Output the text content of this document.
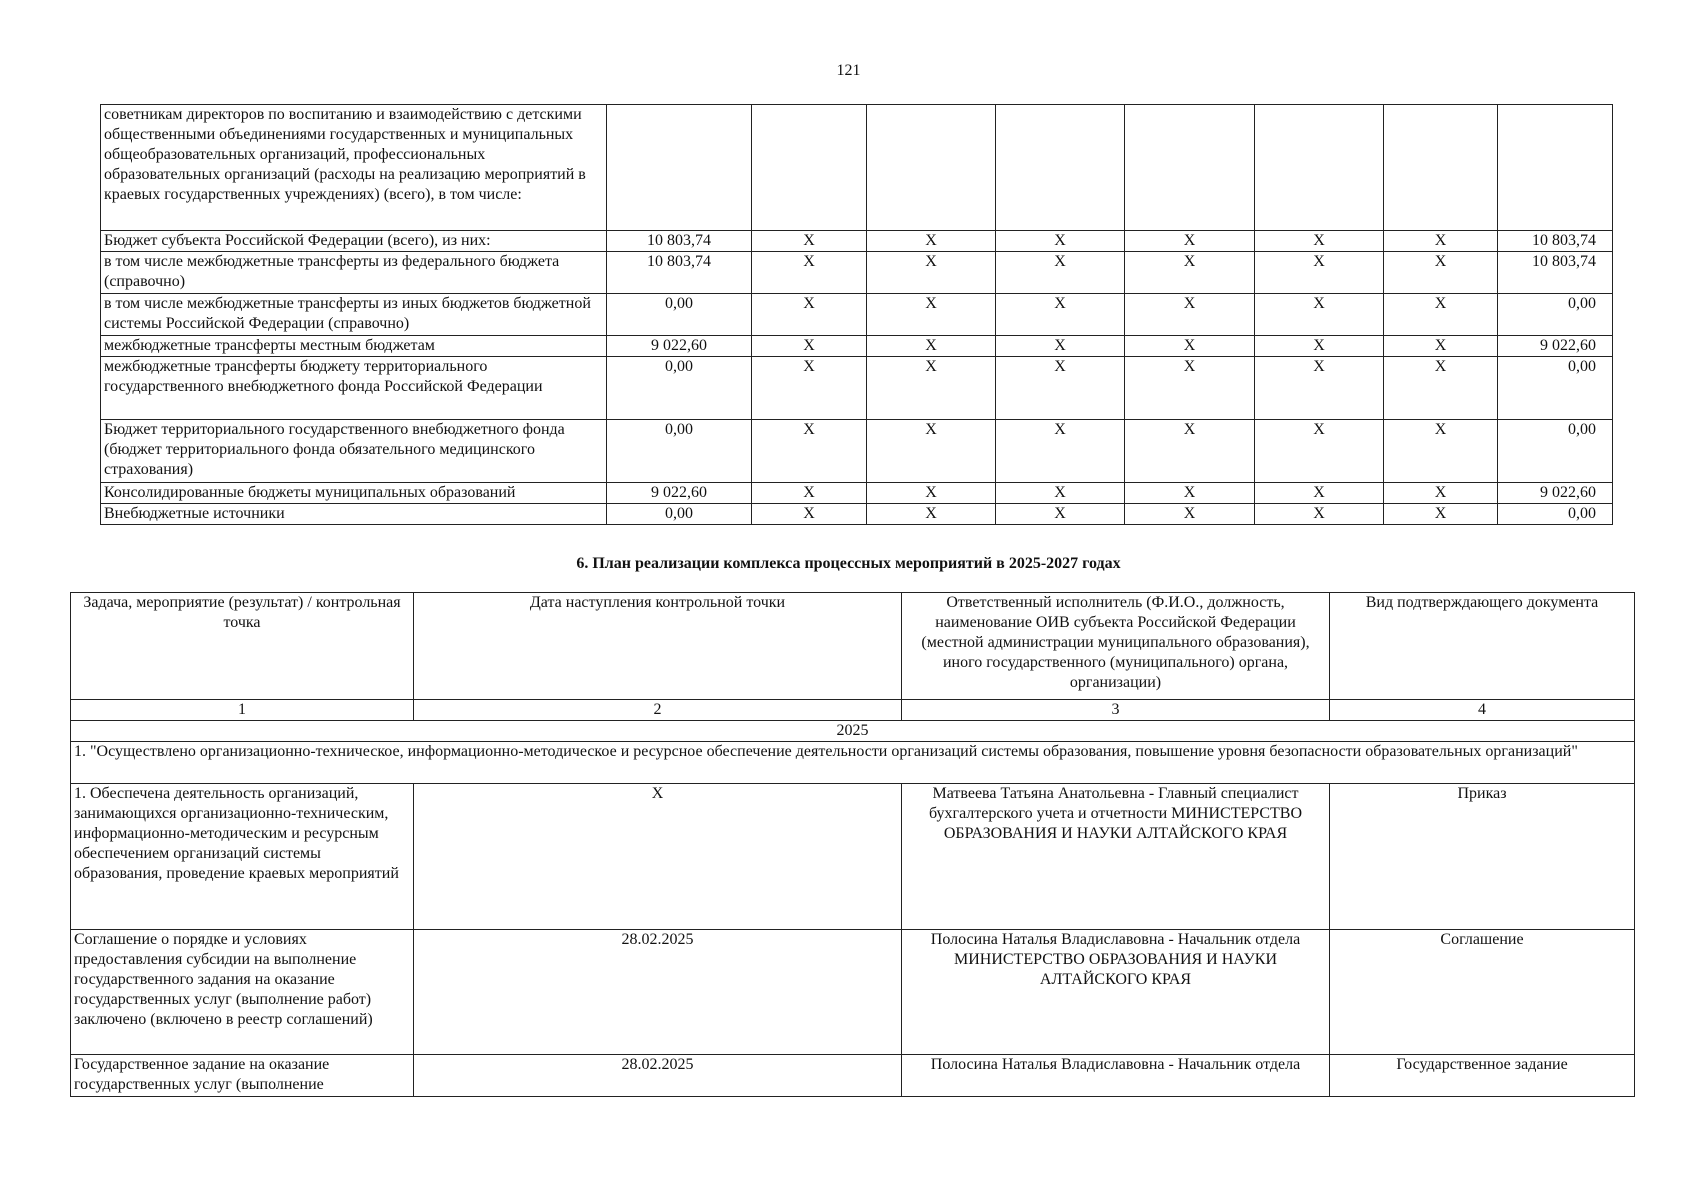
121
советникам директоров по воспитанию и взаимодействию с детскими общественными объединениями государственных и муниципальных общеобразовательных организаций, профессиональных образовательных организаций (расходы на реализацию мероприятий в краевых государственных учреждениях) (всего), в том числе:								
Бюджет субъекта Российской Федерации (всего), из них:	10 803,74	X	X	X	X	X	X	10 803,74
в том числе межбюджетные трансферты из федерального бюджета (справочно)	10 803,74	X	X	X	X	X	X	10 803,74
в том числе межбюджетные трансферты из иных бюджетов бюджетной системы Российской Федерации (справочно)	0,00	X	X	X	X	X	X	0,00
межбюджетные трансферты местным бюджетам	9 022,60	X	X	X	X	X	X	9 022,60
межбюджетные трансферты бюджету территориального государственного внебюджетного фонда Российской Федерации	0,00	X	X	X	X	X	X	0,00
Бюджет территориального государственного внебюджетного фонда (бюджет территориального фонда обязательного медицинского страхования)	0,00	X	X	X	X	X	X	0,00
Консолидированные бюджеты муниципальных образований	9 022,60	X	X	X	X	X	X	9 022,60
Внебюджетные источники	0,00	X	X	X	X	X	X	0,00
6. План реализации комплекса процессных мероприятий в 2025-2027 годах
Задача, мероприятие (результат) / контрольная точка	Дата наступления контрольной точки	Ответственный исполнитель (Ф.И.О., должность, наименование ОИВ субъекта Российской Федерации (местной администрации муниципального образования), иного государственного (муниципального) органа, организации)	Вид подтверждающего документа
1	2	3	4
2025			
1. "Осуществлено организационно-техническое, информационно-методическое и ресурсное обеспечение деятельности организаций системы образования, повышение уровня безопасности образовательных организаций"			
1. Обеспечена деятельность организаций, занимающихся организационно-техническим, информационно-методическим и ресурсным обеспечением организаций системы образования, проведение краевых мероприятий	X	Матвеева Татьяна Анатольевна - Главный специалист бухгалтерского учета и отчетности МИНИСТЕРСТВО ОБРАЗОВАНИЯ И НАУКИ АЛТАЙСКОГО КРАЯ	Приказ
Соглашение о порядке и условиях предоставления субсидии на выполнение государственного задания на оказание государственных услуг (выполнение работ) заключено (включено в реестр соглашений)	28.02.2025	Полосина Наталья Владиславовна - Начальник отдела МИНИСТЕРСТВО ОБРАЗОВАНИЯ И НАУКИ АЛТАЙСКОГО КРАЯ	Соглашение
Государственное задание на оказание государственных услуг (выполнение	28.02.2025	Полосина Наталья Владиславовна - Начальник отдела	Государственное задание
